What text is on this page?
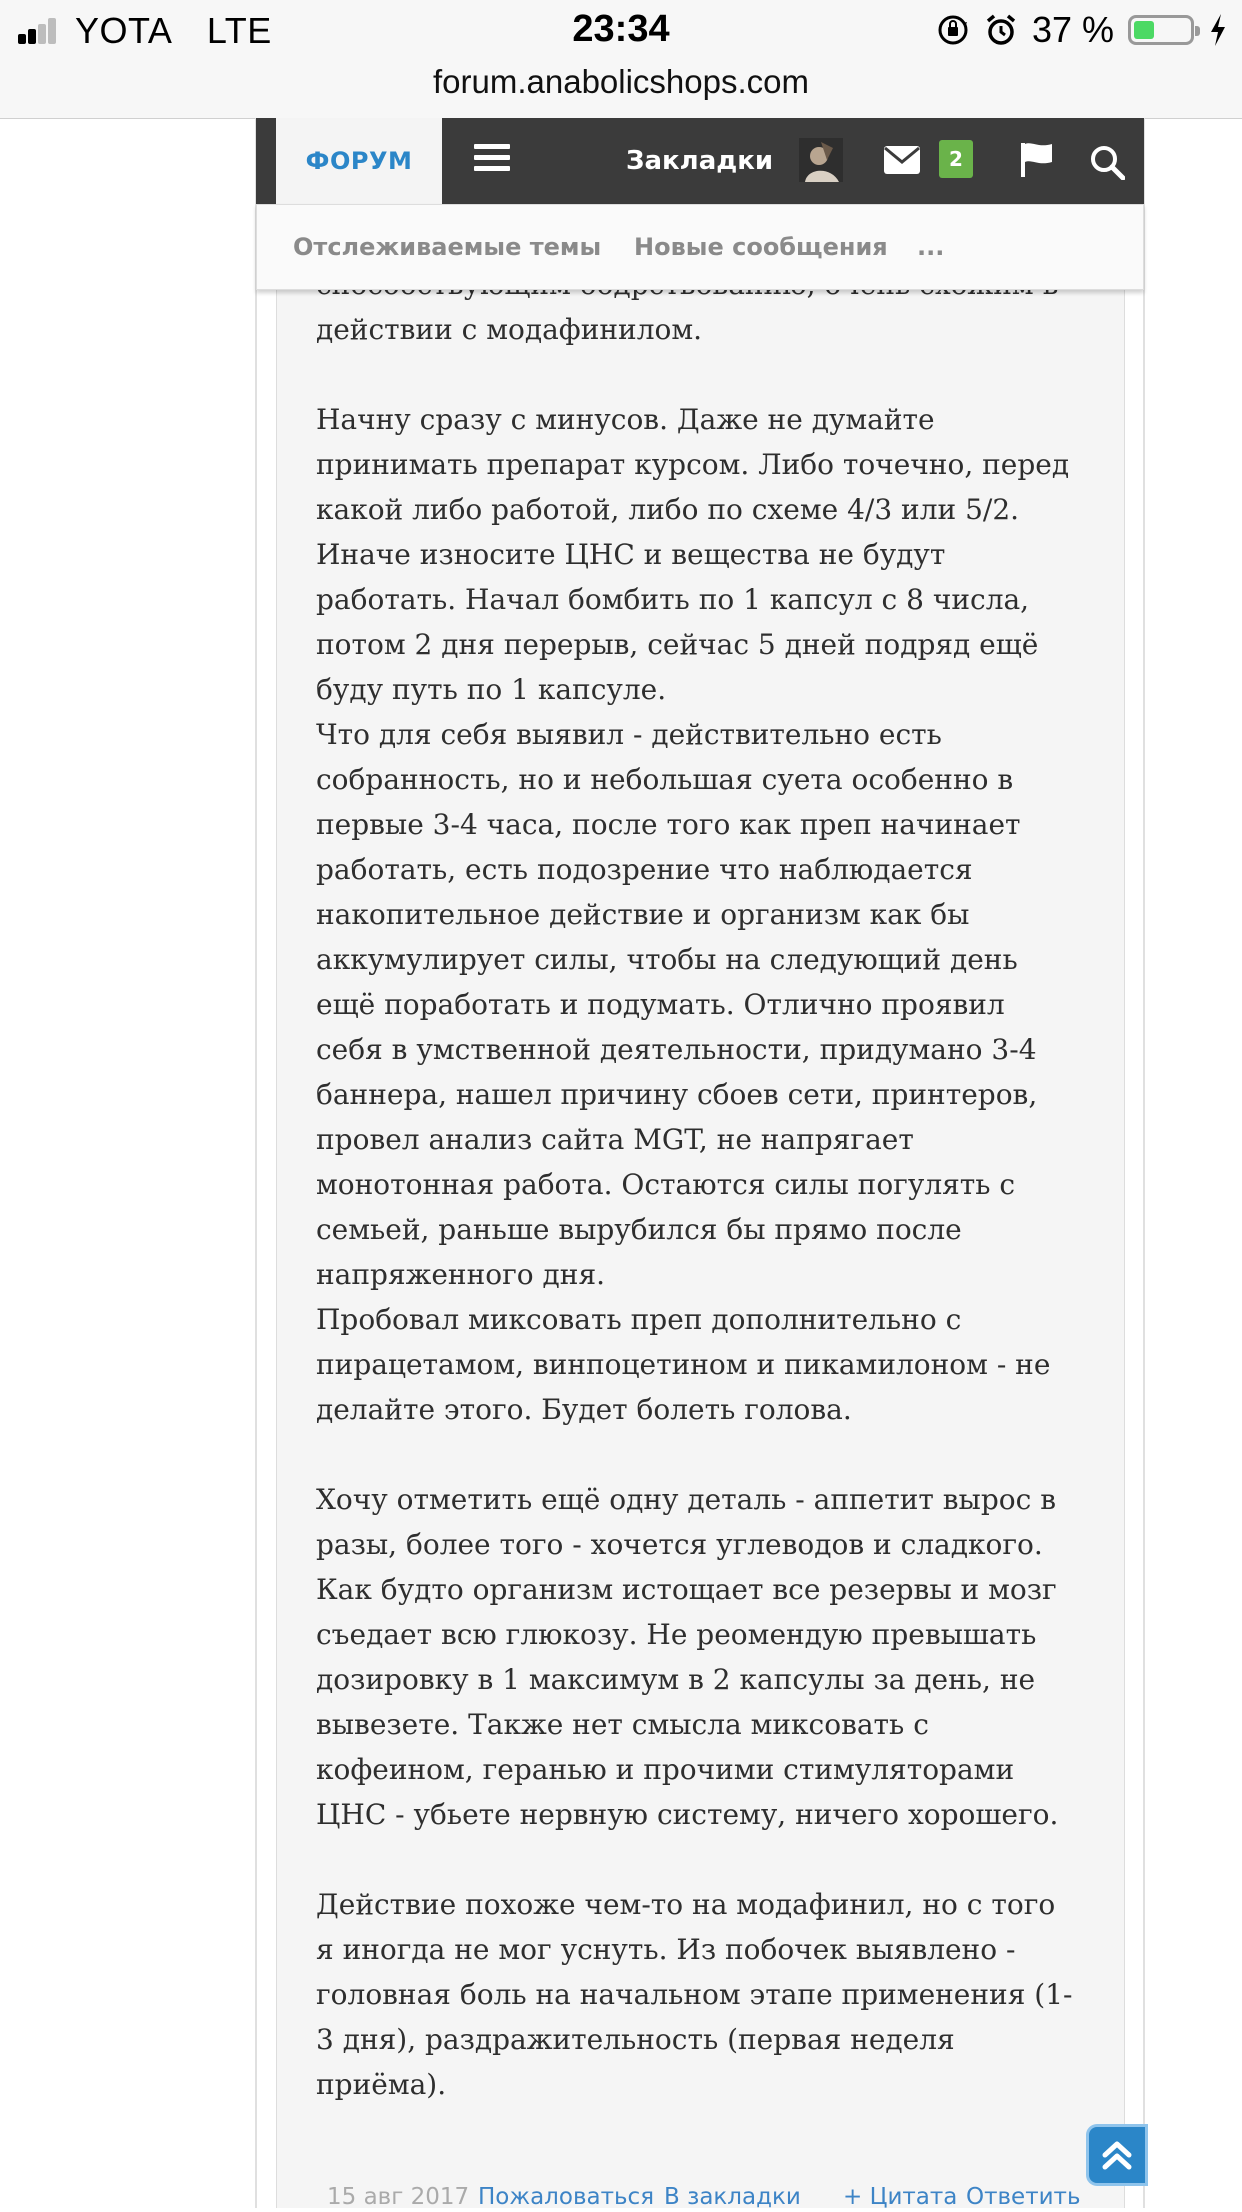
YOTA LTE	23:34	37 %
forum.anabolicshops.com

действии с модафинилом.

Начну сразу с минусов. Даже не думайте
принимать препарат курсом. Либо точечно, перед
какой либо работой, либо по схеме 4/3 или 5/2.
Иначе износите ЦНС и вещества не будут
работать. Начал бомбить по 1 капсул с 8 числа,
потом 2 дня перерыв, сейчас 5 дней подряд ещё
буду путь по 1 капсуле.

Что для себя выявил - действительно есть
собранность, но и небольшая суета особенно в
первые 3-4 часа, после того как преп начинает
работать, есть подозрение что наблюдается
накопительное действие и организм как бы
аккумулирует силы, чтобы на следующий день
ещё поработать и подумать. Отлично проявил
себя в умственной деятельности, придумано 3-4
баннера, нашел причину сбоев сети, принтеров,
провел анализ сайта MGT, не напрягает
монотонная работа. Остаются силы погулять с
семьей, раньше вырубился бы прямо после
напряженного дня.

Пробовал миксовать преп дополнительно с
пирацетамом, винпоцетином и пикамилоном - не
делайте этого. Будет болеть голова.

Хочу отметить ещё одну деталь - аппетит вырос в
разы, более того - хочется углеводов и сладкого.
Как будто организм истощает все резервы и мозг
съедает всю глюкозу. Не реомендую превышать
дозировку в 1 максимум в 2 капсулы за день, не
вывезете. Также нет смысла миксовать с
кофеином, геранью и прочими стимуляторами
ЦНС - убьете нервную систему, ничего хорошего.

Действие похоже чем-то на модафинил, но с того
я иногда не мог уснуть. Из побочек выявлено -
головная боль на начальном этапе применения (1-
3 дня), раздражительность (первая неделя
приёма).

ФОРУМ	Закладки	2
Отслеживаемые темы Новые сообщения ...
15 авг 2017 Пожаловаться В закладки + Цитата Ответить
